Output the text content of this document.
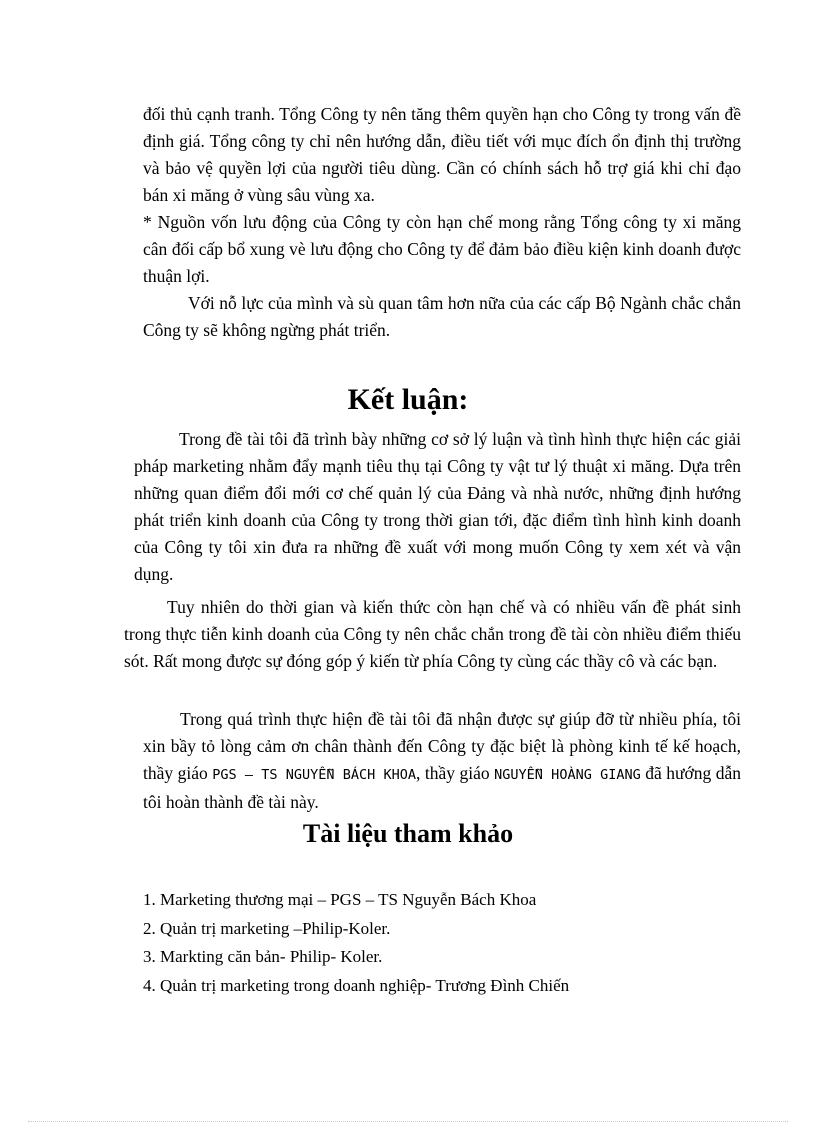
đối thủ cạnh tranh. Tổng Công ty nên tăng thêm quyền hạn cho Công ty trong vấn đề định giá. Tổng công ty chỉ nên hướng dẫn, điều tiết với mục đích ổn định thị trường và bảo vệ quyền lợi của người tiêu dùng. Cần có chính sách hỗ trợ giá khi chỉ đạo bán xi măng ở vùng sâu vùng xa.
* Nguồn vốn lưu động của Công ty còn hạn chế mong rằng Tổng công ty xi măng cân đối cấp bổ xung vè lưu động cho Công ty để đảm bảo điều kiện kinh doanh được thuận lợi.
Với nỗ lực của mình và sù quan tâm hơn nữa của các cấp Bộ Ngành chắc chắn Công ty sẽ không ngừng phát triển.
Kết luận:

Trong đề tài tôi đã trình bày những cơ sở lý luận và tình hình thực hiện các giải pháp marketing nhằm đẩy mạnh tiêu thụ tại Công ty vật tư lý thuật xi măng. Dựa trên những quan điểm đổi mới cơ chế quản lý của Đảng và nhà nước, những định hướng phát triển kinh doanh của Công ty trong thời gian tới, đặc điểm tình hình kinh doanh của Công ty tôi xin đưa ra những đề xuất với mong muốn Công ty xem xét và vận dụng.

Tuy nhiên do thời gian và kiến thức còn hạn chế và có nhiều vấn đề phát sinh trong thực tiễn kinh doanh của Công ty nên chắc chắn trong đề tài còn nhiều điểm thiếu sót. Rất mong được sự đóng góp ý kiến từ phía Công ty cùng các thầy cô và các bạn.

Trong quá trình thực hiện đề tài tôi đã nhận được sự giúp đỡ từ nhiều phía, tôi xin bầy tỏ lòng cảm ơn chân thành đến Công ty đặc biệt là phòng kinh tế kế hoạch, thầy giáo PGS – TS NGUYỄN BÁCH KHOA, thầy giáo NGUYỄN HOÀNG GIANG đã hướng dẫn tôi hoàn thành đề tài này.

Tài liệu tham khảo
1. Marketing thương mại – PGS – TS Nguyễn Bách Khoa
2. Quản trị marketing –Philip-Koler.
3. Markting căn bản- Philip- Koler.
4. Quản trị marketing trong doanh nghiệp- Trương Đình Chiến
